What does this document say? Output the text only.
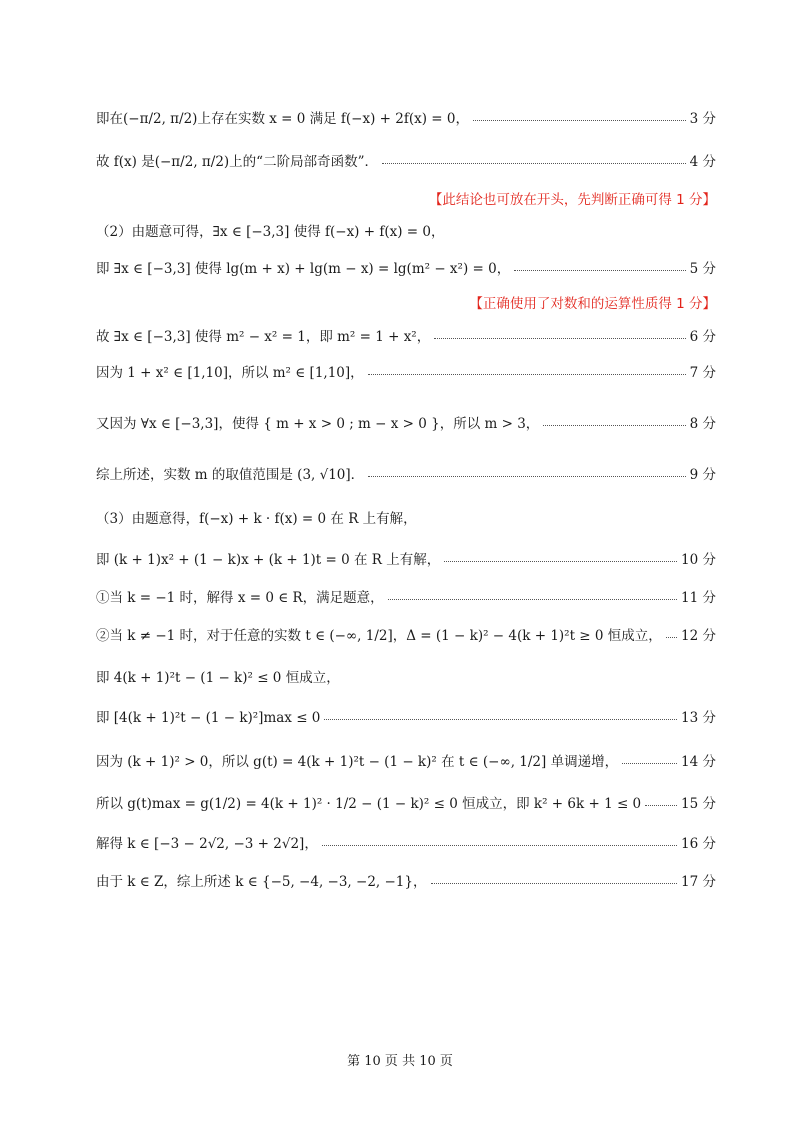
即在(−π/2, π/2)上存在实数 x = 0 满足 f(−x) + 2f(x) = 0，	3 分
故 f(x) 是(−π/2, π/2)上的“二阶局部奇函数”．	4 分
【此结论也可放在开头，先判断正确可得 1 分】
（2）由题意可得，∃x ∈ [−3,3] 使得 f(−x) + f(x) = 0，
即 ∃x ∈ [−3,3] 使得 lg(m + x) + lg(m − x) = lg(m² − x²) = 0，	5 分
【正确使用了对数和的运算性质得 1 分】
故 ∃x ∈ [−3,3] 使得 m² − x² = 1，即 m² = 1 + x²，	6 分
因为 1 + x² ∈ [1,10]，所以 m² ∈ [1,10]，	7 分
又因为 ∀x ∈ [−3,3]，使得 { m + x > 0 ; m − x > 0 }，所以 m > 3，	8 分
综上所述，实数 m 的取值范围是 (3, √10]．	9 分
（3）由题意得，f(−x) + k · f(x) = 0 在 R 上有解，
即 (k + 1)x² + (1 − k)x + (k + 1)t = 0 在 R 上有解，	10 分
①当 k = −1 时，解得 x = 0 ∈ R，满足题意，	11 分
②当 k ≠ −1 时，对于任意的实数 t ∈ (−∞, 1/2]，Δ = (1 − k)² − 4(k + 1)²t ≥ 0 恒成立， 12 分
即 4(k + 1)²t − (1 − k)² ≤ 0 恒成立，
即 [4(k + 1)²t − (1 − k)²]max ≤ 0	13 分
因为 (k + 1)² > 0，所以 g(t) = 4(k + 1)²t − (1 − k)² 在 t ∈ (−∞, 1/2] 单调递增，	14 分
所以 g(t)max = g(1/2) = 4(k + 1)² · 1/2 − (1 − k)² ≤ 0 恒成立，即 k² + 6k + 1 ≤ 0	15 分
解得 k ∈ [−3 − 2√2, −3 + 2√2]，	16 分
由于 k ∈ Z，综上所述 k ∈ {−5, −4, −3, −2, −1}，	17 分
第 10 页 共 10 页
